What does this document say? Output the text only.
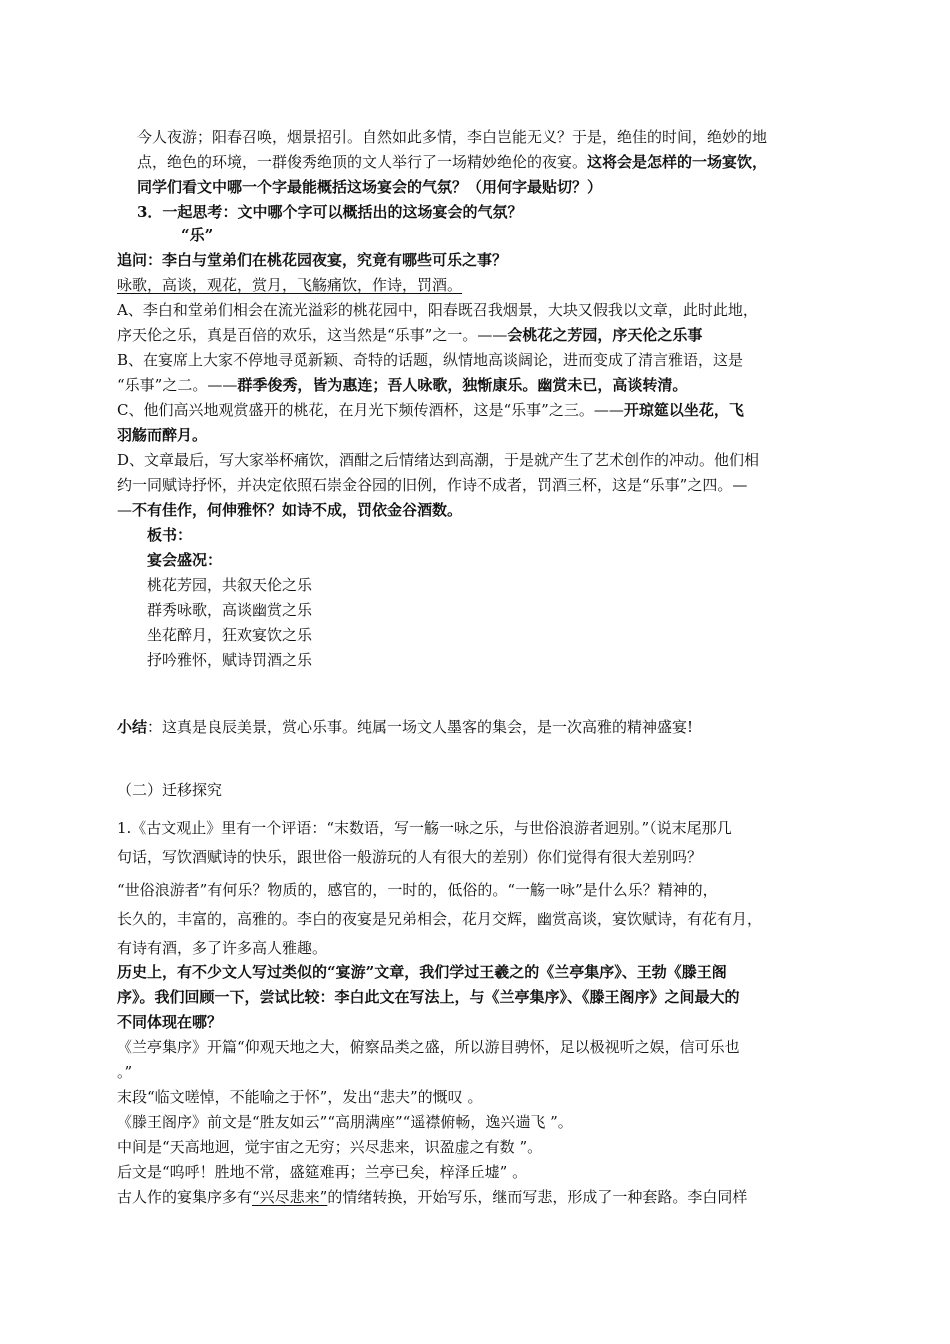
今人夜游；阳春召唤，烟景招引。自然如此多情，李白岂能无义？于是，绝佳的时间，绝妙的地
点，绝色的环境，一群俊秀绝顶的文人举行了一场精妙绝伦的夜宴。这将会是怎样的一场宴饮，
同学们看文中哪一个字最能概括这场宴会的气氛？（用何字最贴切？）
3．一起思考：文中哪个字可以概括出的这场宴会的气氛？
“乐”
追问：李白与堂弟们在桃花园夜宴，究竟有哪些可乐之事？
咏歌，高谈，观花，赏月，飞觞痛饮，作诗，罚酒。
A、李白和堂弟们相会在流光溢彩的桃花园中，阳春既召我烟景，大块又假我以文章，此时此地，
序天伦之乐，真是百倍的欢乐，这当然是“乐事”之一。——会桃花之芳园，序天伦之乐事
B、在宴席上大家不停地寻觅新颖、奇特的话题，纵情地高谈阔论，进而变成了清言雅语，这是
“乐事”之二。——群季俊秀，皆为惠连；吾人咏歌，独惭康乐。幽赏未已，高谈转清。
C、他们高兴地观赏盛开的桃花，在月光下频传酒杯，这是“乐事”之三。——开琼筵以坐花，飞
羽觞而醉月。
D、文章最后，写大家举杯痛饮，酒酣之后情绪达到高潮，于是就产生了艺术创作的冲动。他们相
约一同赋诗抒怀，并决定依照石崇金谷园的旧例，作诗不成者，罚酒三杯，这是“乐事”之四。—
—不有佳作，何伸雅怀？如诗不成，罚依金谷酒数。
板书：
宴会盛况：
桃花芳园，共叙天伦之乐
群秀咏歌，高谈幽赏之乐
坐花醉月，狂欢宴饮之乐
抒吟雅怀，赋诗罚酒之乐
小结：这真是良辰美景，赏心乐事。纯属一场文人墨客的集会，是一次高雅的精神盛宴!
（二）迁移探究
1.《古文观止》里有一个评语：“末数语，写一觞一咏之乐，与世俗浪游者迥别。”（说末尾那几
句话，写饮酒赋诗的快乐，跟世俗一般游玩的人有很大的差别）你们觉得有很大差别吗？
“世俗浪游者”有何乐？物质的，感官的，一时的，低俗的。“一觞一咏”是什么乐？精神的，
长久的，丰富的，高雅的。李白的夜宴是兄弟相会，花月交辉，幽赏高谈，宴饮赋诗，有花有月，
有诗有酒，多了许多高人雅趣。
历史上，有不少文人写过类似的“宴游”文章，我们学过王羲之的《兰亭集序》、王勃《滕王阁
序》。我们回顾一下，尝试比较：李白此文在写法上，与《兰亭集序》、《滕王阁序》之间最大的
不同体现在哪？
《兰亭集序》开篇“仰观天地之大，俯察品类之盛，所以游目骋怀，足以极视听之娱，信可乐也
。”
末段“临文嗟悼，不能喻之于怀”，发出“悲夫”的慨叹 。
《滕王阁序》前文是“胜友如云”“高朋满座”“遥襟俯畅，逸兴遄飞 ”。
中间是“天高地迥，觉宇宙之无穷；兴尽悲来，识盈虚之有数 ”。
后文是“呜呼！胜地不常，盛筵难再；兰亭已矣，梓泽丘墟” 。
古人作的宴集序多有“兴尽悲来”的情绪转换，开始写乐，继而写悲，形成了一种套路。李白同样
